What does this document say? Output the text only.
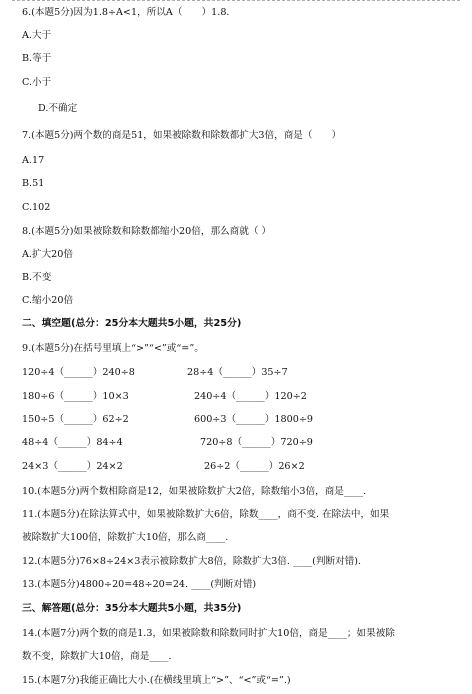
6.(本题5分)因为1.8÷A<1，所以A（　　）1.8.
A.大于
B.等于
C.小于
D.不确定
7.(本题5分)两个数的商是51，如果被除数和除数都扩大3倍，商是（　　）
A.17
B.51
C.102
8.(本题5分)如果被除数和除数都缩小20倍，那么商就（ ）
A.扩大20倍
B.不变
C.缩小20倍
二、填空题(总分：25分本大题共5小题，共25分)
9.(本题5分)在括号里填上“>”“<”或“=”。
120÷4（______）240÷8	28÷4（______）35÷7
180÷6（______）10×3	240÷4（______）120÷2
150÷5（______）62÷2	600÷3（______）1800÷9
48÷4（______）84÷4	720÷8（______）720÷9
24×3（______）24×2	26÷2（______）26×2
10.(本题5分)两个数相除商是12，如果被除数扩大2倍，除数缩小3倍，商是____.
11.(本题5分)在除法算式中，如果被除数扩大6倍，除数____，商不变. 在除法中，如果
被除数扩大100倍，除数扩大10倍，那么商____.
12.(本题5分)76×8÷24×3表示被除数扩大8倍，除数扩大3倍. ____(判断对错).
13.(本题5分)4800÷20=48÷20=24. ____(判断对错)
三、解答题(总分：35分本大题共5小题，共35分)
14.(本题7分)两个数的商是1.3，如果被除数和除数同时扩大10倍，商是____；如果被除
数不变，除数扩大10倍，商是____.
15.(本题7分)我能正确比大小.(在横线里填上“>”、“<”或“=”.)
